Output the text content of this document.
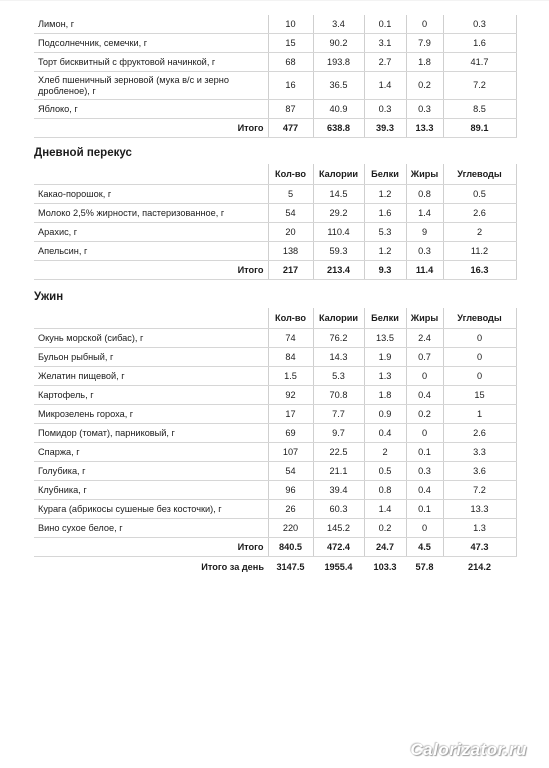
Лимон, г	10	3.4	0.1	0	0.3
Подсолнечник, семечки, г	15	90.2	3.1	7.9	1.6
Торт бисквитный с фруктовой начинкой, г	68	193.8	2.7	1.8	41.7
Хлеб пшеничный зерновой (мука в/с и зерно дробленое), г	16	36.5	1.4	0.2	7.2
Яблоко, г	87	40.9	0.3	0.3	8.5
Итого	477	638.8	39.3	13.3	89.1
Дневной перекус
	Кол-во	Калории	Белки	Жиры	Углеводы
Какао-порошок, г	5	14.5	1.2	0.8	0.5
Молоко 2,5% жирности, пастеризованное, г	54	29.2	1.6	1.4	2.6
Арахис, г	20	110.4	5.3	9	2
Апельсин, г	138	59.3	1.2	0.3	11.2
Итого	217	213.4	9.3	11.4	16.3
Ужин
	Кол-во	Калории	Белки	Жиры	Углеводы
Окунь морской (сибас), г	74	76.2	13.5	2.4	0
Бульон рыбный, г	84	14.3	1.9	0.7	0
Желатин пищевой, г	1.5	5.3	1.3	0	0
Картофель, г	92	70.8	1.8	0.4	15
Микрозелень гороха, г	17	7.7	0.9	0.2	1
Помидор (томат), парниковый, г	69	9.7	0.4	0	2.6
Спаржа, г	107	22.5	2	0.1	3.3
Голубика, г	54	21.1	0.5	0.3	3.6
Клубника, г	96	39.4	0.8	0.4	7.2
Курага (абрикосы сушеные без косточки), г	26	60.3	1.4	0.1	13.3
Вино сухое белое, г	220	145.2	0.2	0	1.3
Итого	840.5	472.4	24.7	4.5	47.3
Итого за день	3147.5	1955.4	103.3	57.8	214.2
Calorizator.ru
